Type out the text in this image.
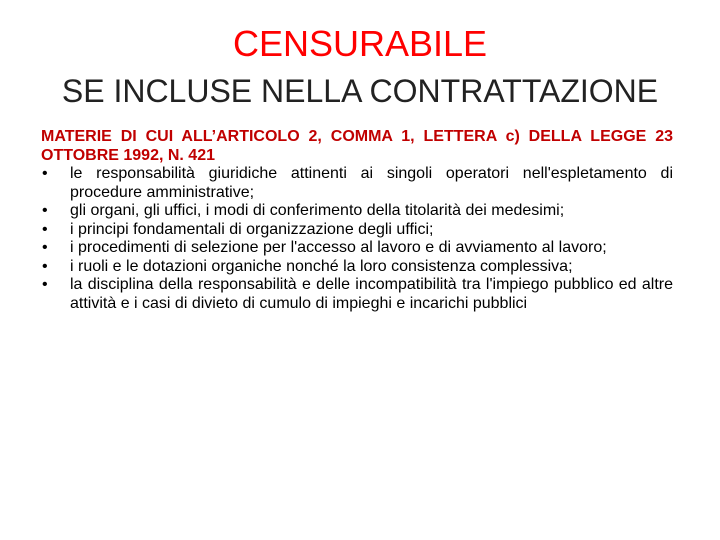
CENSURABILE
SE INCLUSE NELLA CONTRATTAZIONE
MATERIE DI CUI ALL’ARTICOLO 2, COMMA 1, LETTERA c) DELLA LEGGE 23 OTTOBRE 1992, N. 421
• le responsabilità giuridiche attinenti ai singoli operatori nell'espletamento di procedure amministrative;
• gli organi, gli uffici, i modi di conferimento della titolarità dei medesimi;
• i principi fondamentali di organizzazione degli uffici;
• i procedimenti di selezione per l'accesso al lavoro e di avviamento al lavoro;
• i ruoli e le dotazioni organiche nonché la loro consistenza complessiva;
• la disciplina della responsabilità e delle incompatibilità tra l'impiego pubblico ed altre attività e i casi di divieto di cumulo di impieghi e incarichi pubblici
